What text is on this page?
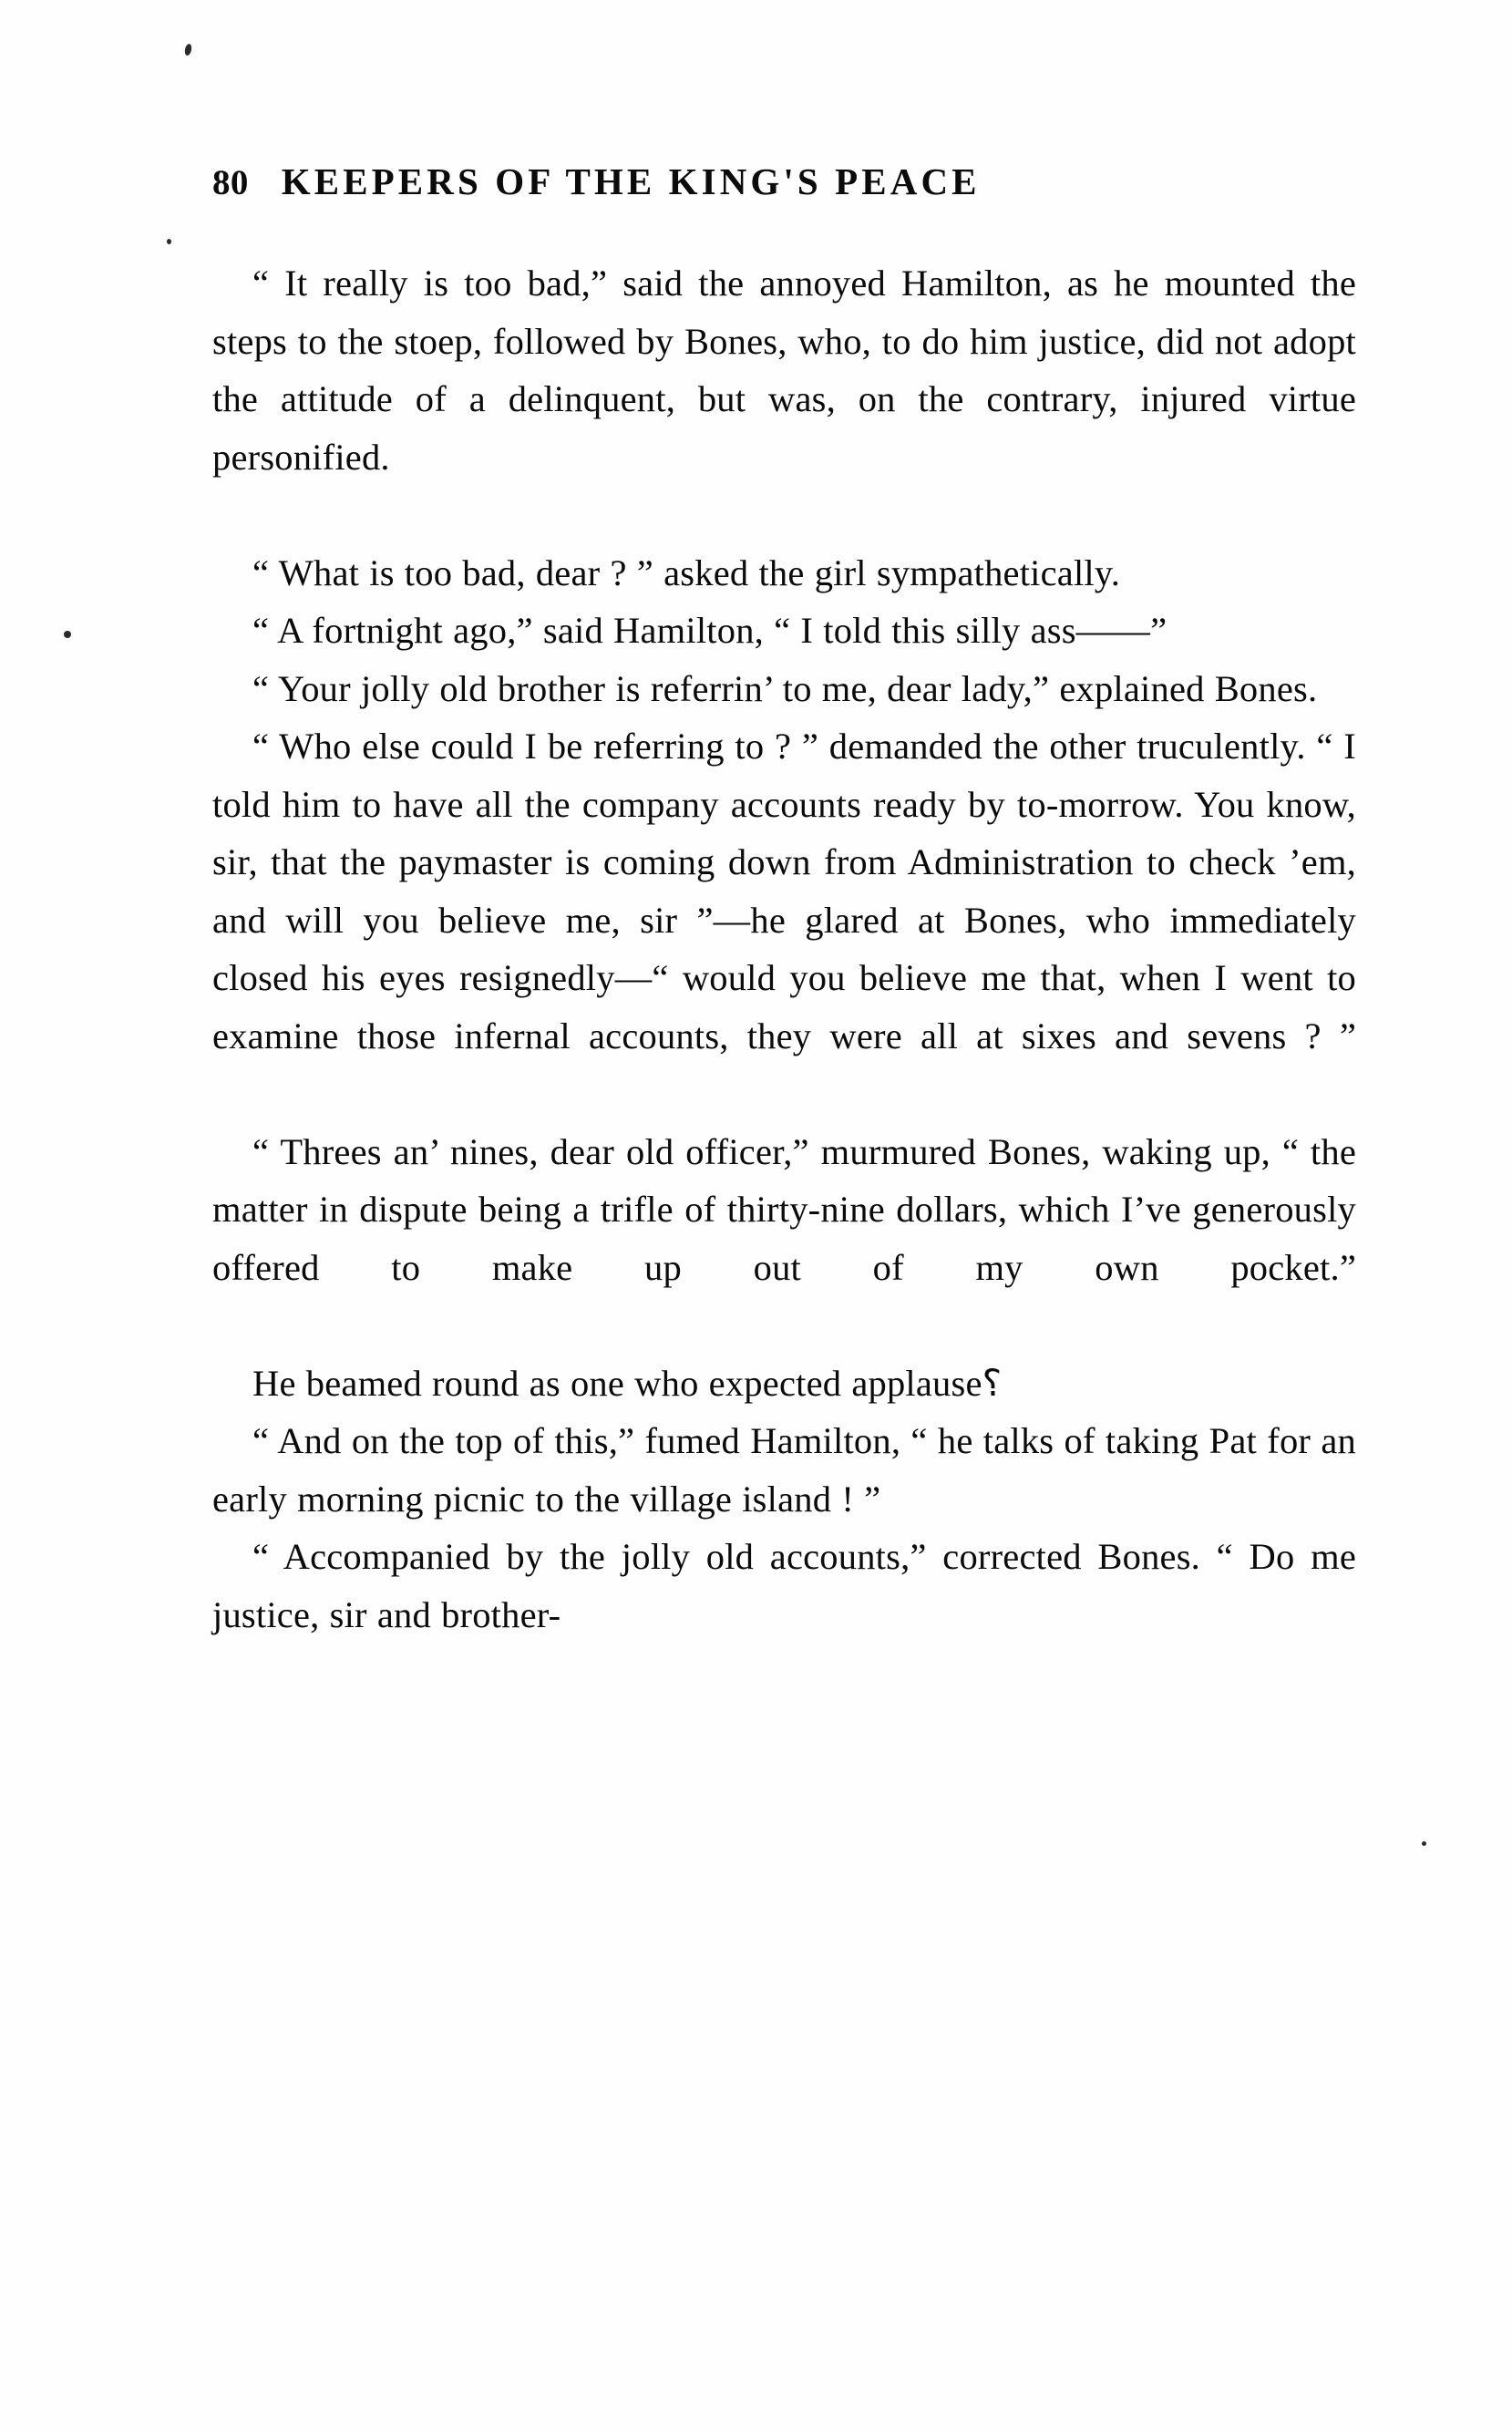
80 KEEPERS OF THE KING'S PEACE

“ It really is too bad,” said the annoyed Hamilton, as he mounted the steps to the stoep, followed by Bones, who, to do him justice, did not adopt the attitude of a delinquent, but was, on the contrary, injured virtue personified.

“ What is too bad, dear ? ” asked the girl sympathetically.

“ A fortnight ago,” said Hamilton, “ I told this silly ass——”

“ Your jolly old brother is referrin’ to me, dear lady,” explained Bones.

“ Who else could I be referring to ? ” demanded the other truculently. “ I told him to have all the company accounts ready by to-morrow. You know, sir, that the paymaster is coming down from Administration to check ’em, and will you believe me, sir ”—he glared at Bones, who immediately closed his eyes resignedly—“ would you believe me that, when I went to examine those infernal accounts, they were all at sixes and sevens ? ”

“ Threes an’ nines, dear old officer,” murmured Bones, waking up, “ the matter in dispute being a trifle of thirty-nine dollars, which I’ve generously offered to make up out of my own pocket.”

He beamed round as one who expected applause⸮

“ And on the top of this,” fumed Hamilton, “ he talks of taking Pat for an early morning picnic to the village island ! ”

“ Accompanied by the jolly old accounts,” corrected Bones. “ Do me justice, sir and brother-
